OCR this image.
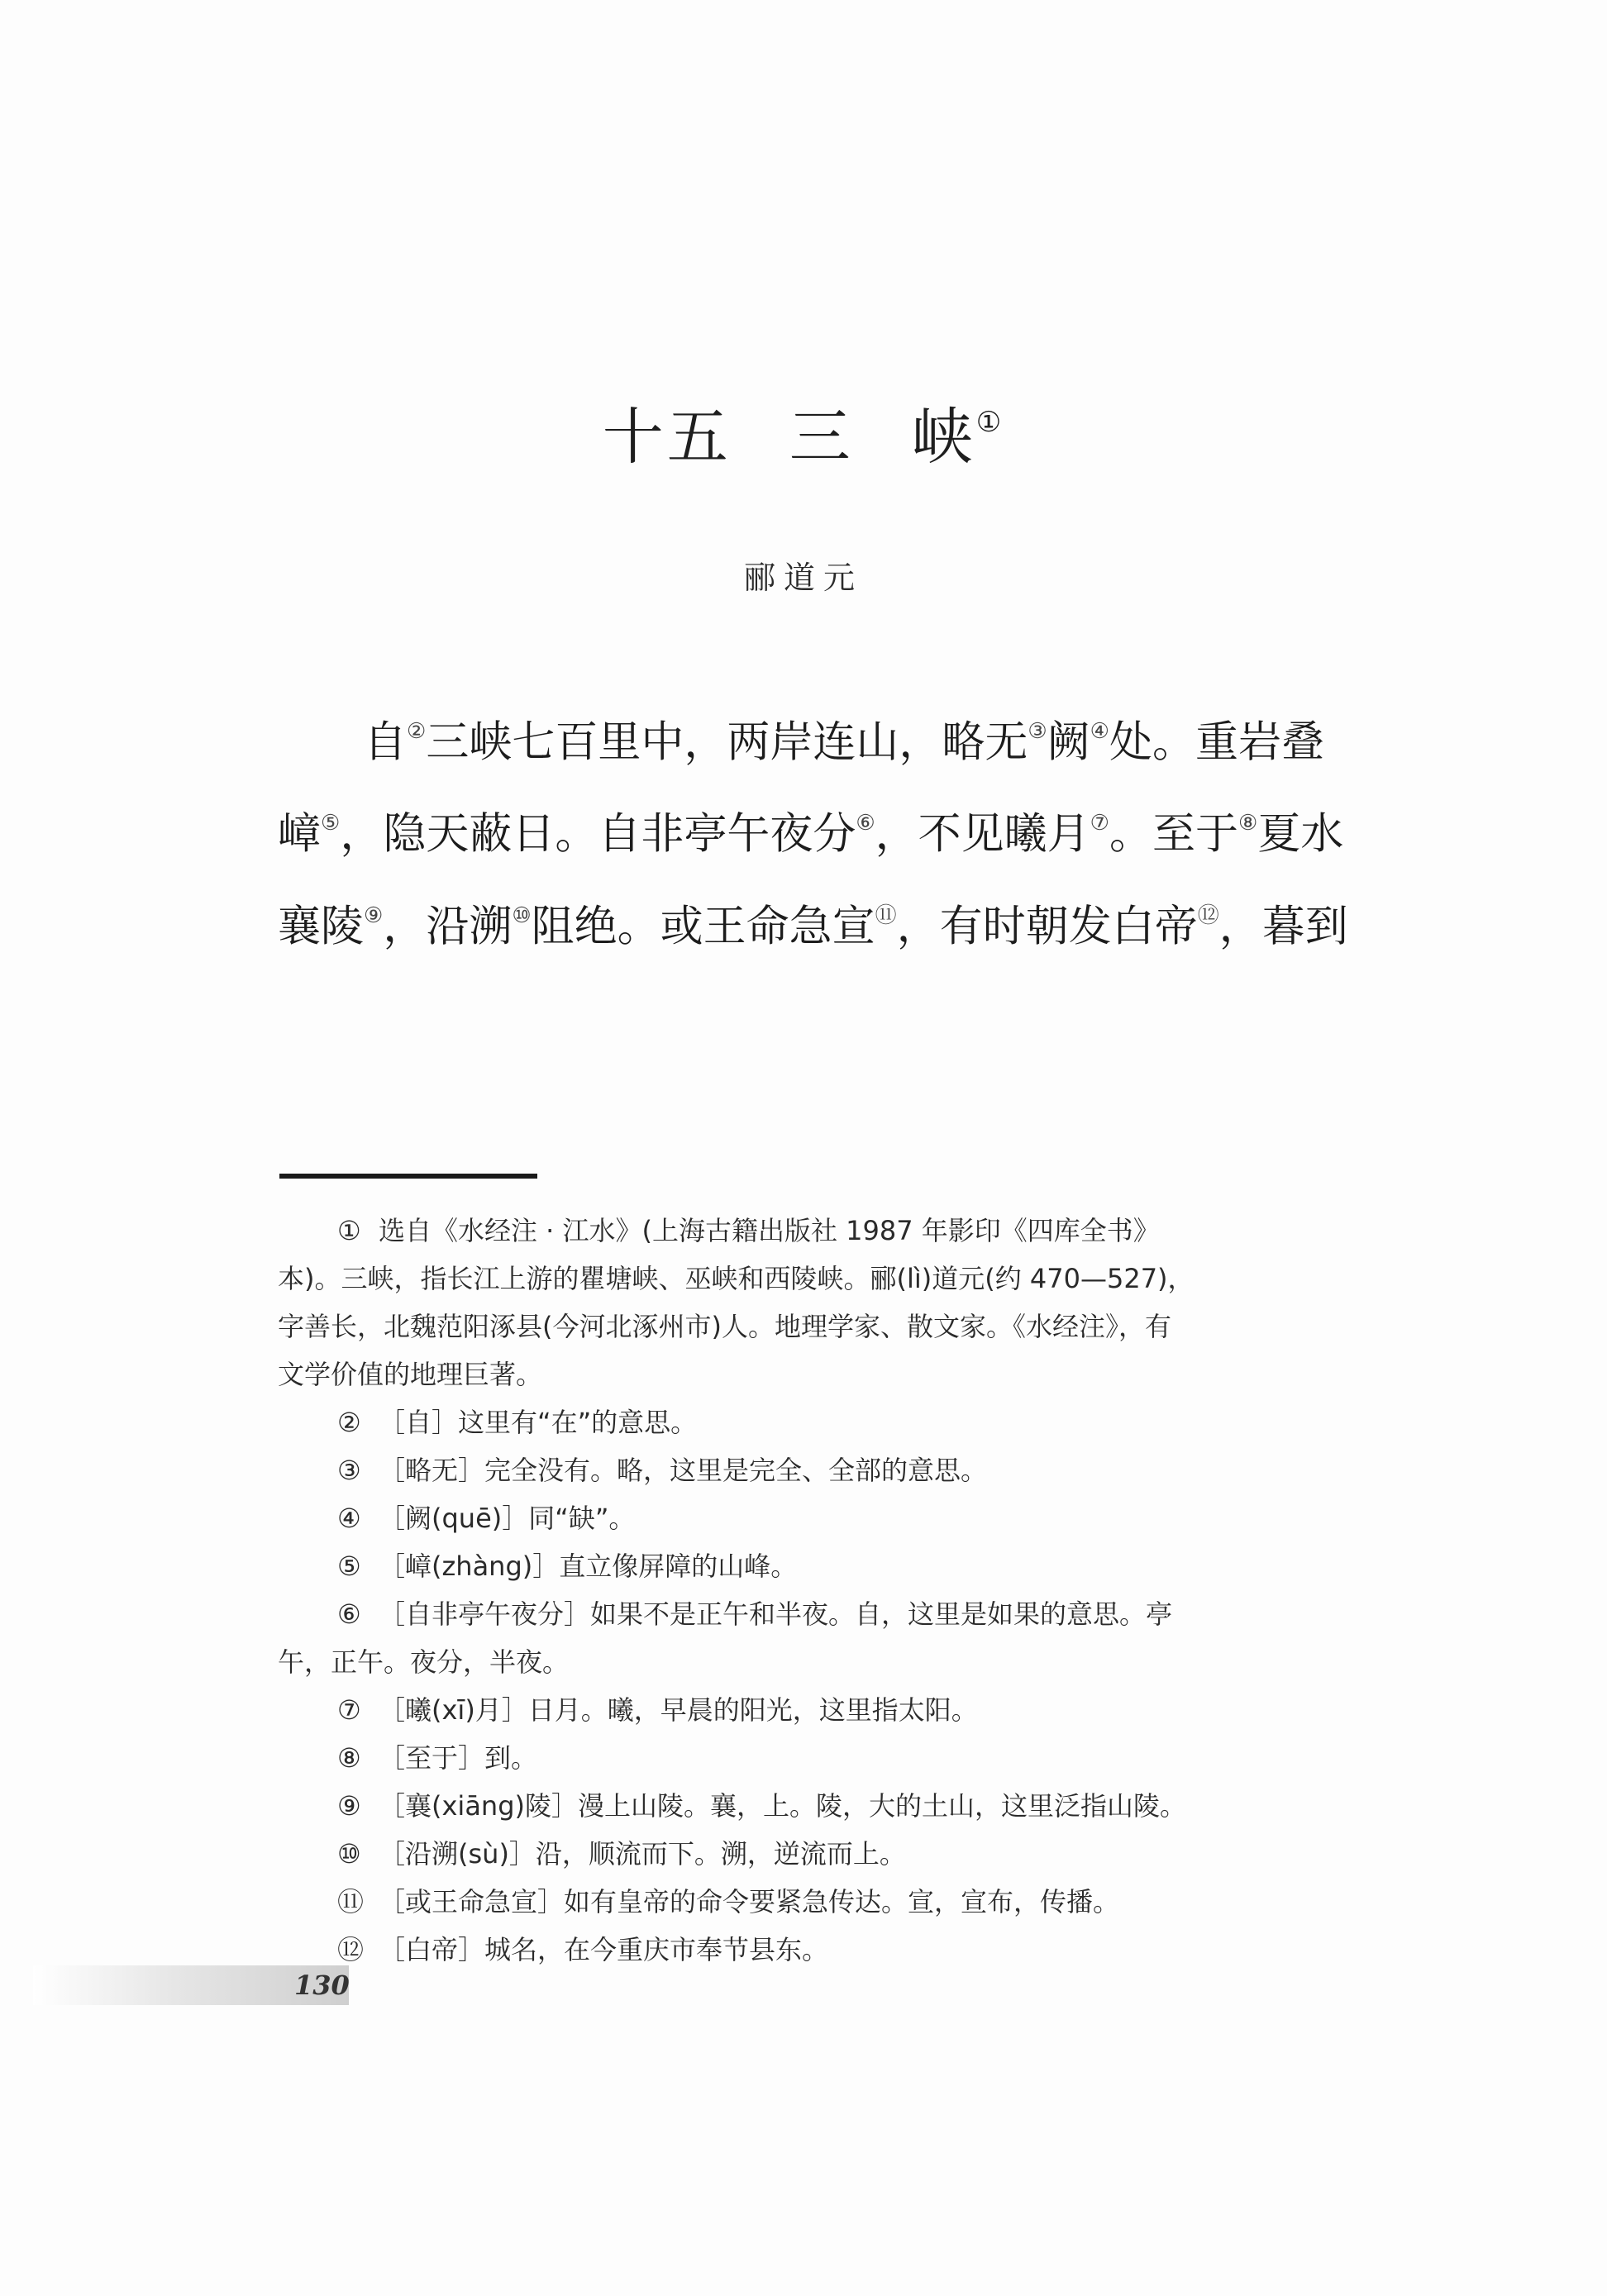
十五 三 峡①
郦道元
自②三峡七百里中，两岸连山，略无③阙④处。重岩叠
嶂⑤，隐天蔽日。自非亭午夜分⑥，不见曦月⑦。至于⑧夏水
襄陵⑨，沿溯⑩阻绝。或王命急宣⑪，有时朝发白帝⑫，暮到
① 选自《水经注 · 江水》(上海古籍出版社 1987 年影印《四库全书》
本)。三峡，指长江上游的瞿塘峡、巫峡和西陵峡。郦(lì)道元(约 470—527)，
字善长，北魏范阳涿县(今河北涿州市)人。地理学家、散文家。《水经注》，有
文学价值的地理巨著。
② ［自］这里有“在”的意思。
③ ［略无］完全没有。略，这里是完全、全部的意思。
④ ［阙(quē)］同“缺”。
⑤ ［嶂(zhàng)］直立像屏障的山峰。
⑥ ［自非亭午夜分］如果不是正午和半夜。自，这里是如果的意思。亭
午，正午。夜分，半夜。
⑦ ［曦(xī)月］日月。曦，早晨的阳光，这里指太阳。
⑧ ［至于］到。
⑨ ［襄(xiāng)陵］漫上山陵。襄，上。陵，大的土山，这里泛指山陵。
⑩ ［沿溯(sù)］沿，顺流而下。溯，逆流而上。
⑪ ［或王命急宣］如有皇帝的命令要紧急传达。宣，宣布，传播。
⑫ ［白帝］城名，在今重庆市奉节县东。
130
